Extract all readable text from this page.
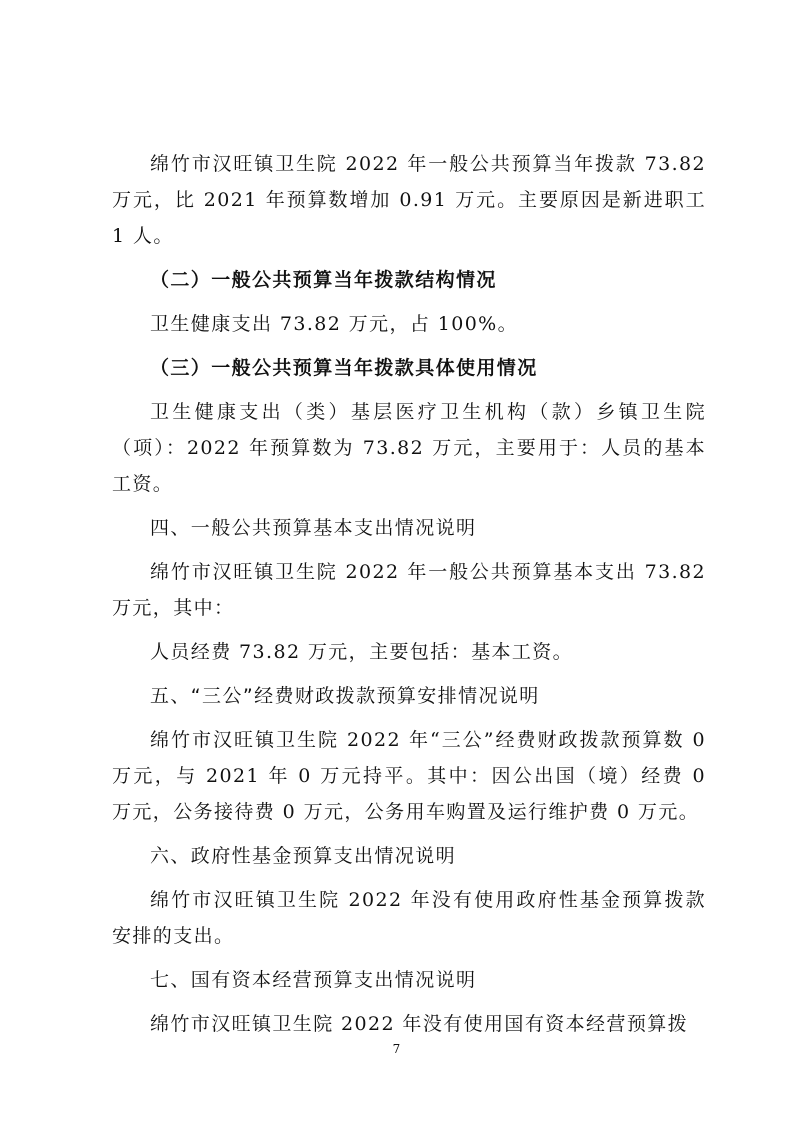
绵竹市汉旺镇卫生院 2022 年一般公共预算当年拨款 73.82 万元，比 2021 年预算数增加 0.91 万元。主要原因是新进职工 1 人。

（二）一般公共预算当年拨款结构情况

卫生健康支出 73.82 万元，占 100%。

（三）一般公共预算当年拨款具体使用情况

卫生健康支出（类）基层医疗卫生机构（款）乡镇卫生院（项）：2022 年预算数为 73.82 万元，主要用于：人员的基本工资。

四、一般公共预算基本支出情况说明

绵竹市汉旺镇卫生院 2022 年一般公共预算基本支出 73.82 万元，其中：

人员经费 73.82 万元，主要包括：基本工资。

五、“三公”经费财政拨款预算安排情况说明

绵竹市汉旺镇卫生院 2022 年“三公”经费财政拨款预算数 0 万元，与 2021 年 0 万元持平。其中：因公出国（境）经费 0 万元，公务接待费 0 万元，公务用车购置及运行维护费 0 万元。

六、政府性基金预算支出情况说明

绵竹市汉旺镇卫生院 2022 年没有使用政府性基金预算拨款安排的支出。

七、国有资本经营预算支出情况说明

绵竹市汉旺镇卫生院 2022 年没有使用国有资本经营预算拨

7
